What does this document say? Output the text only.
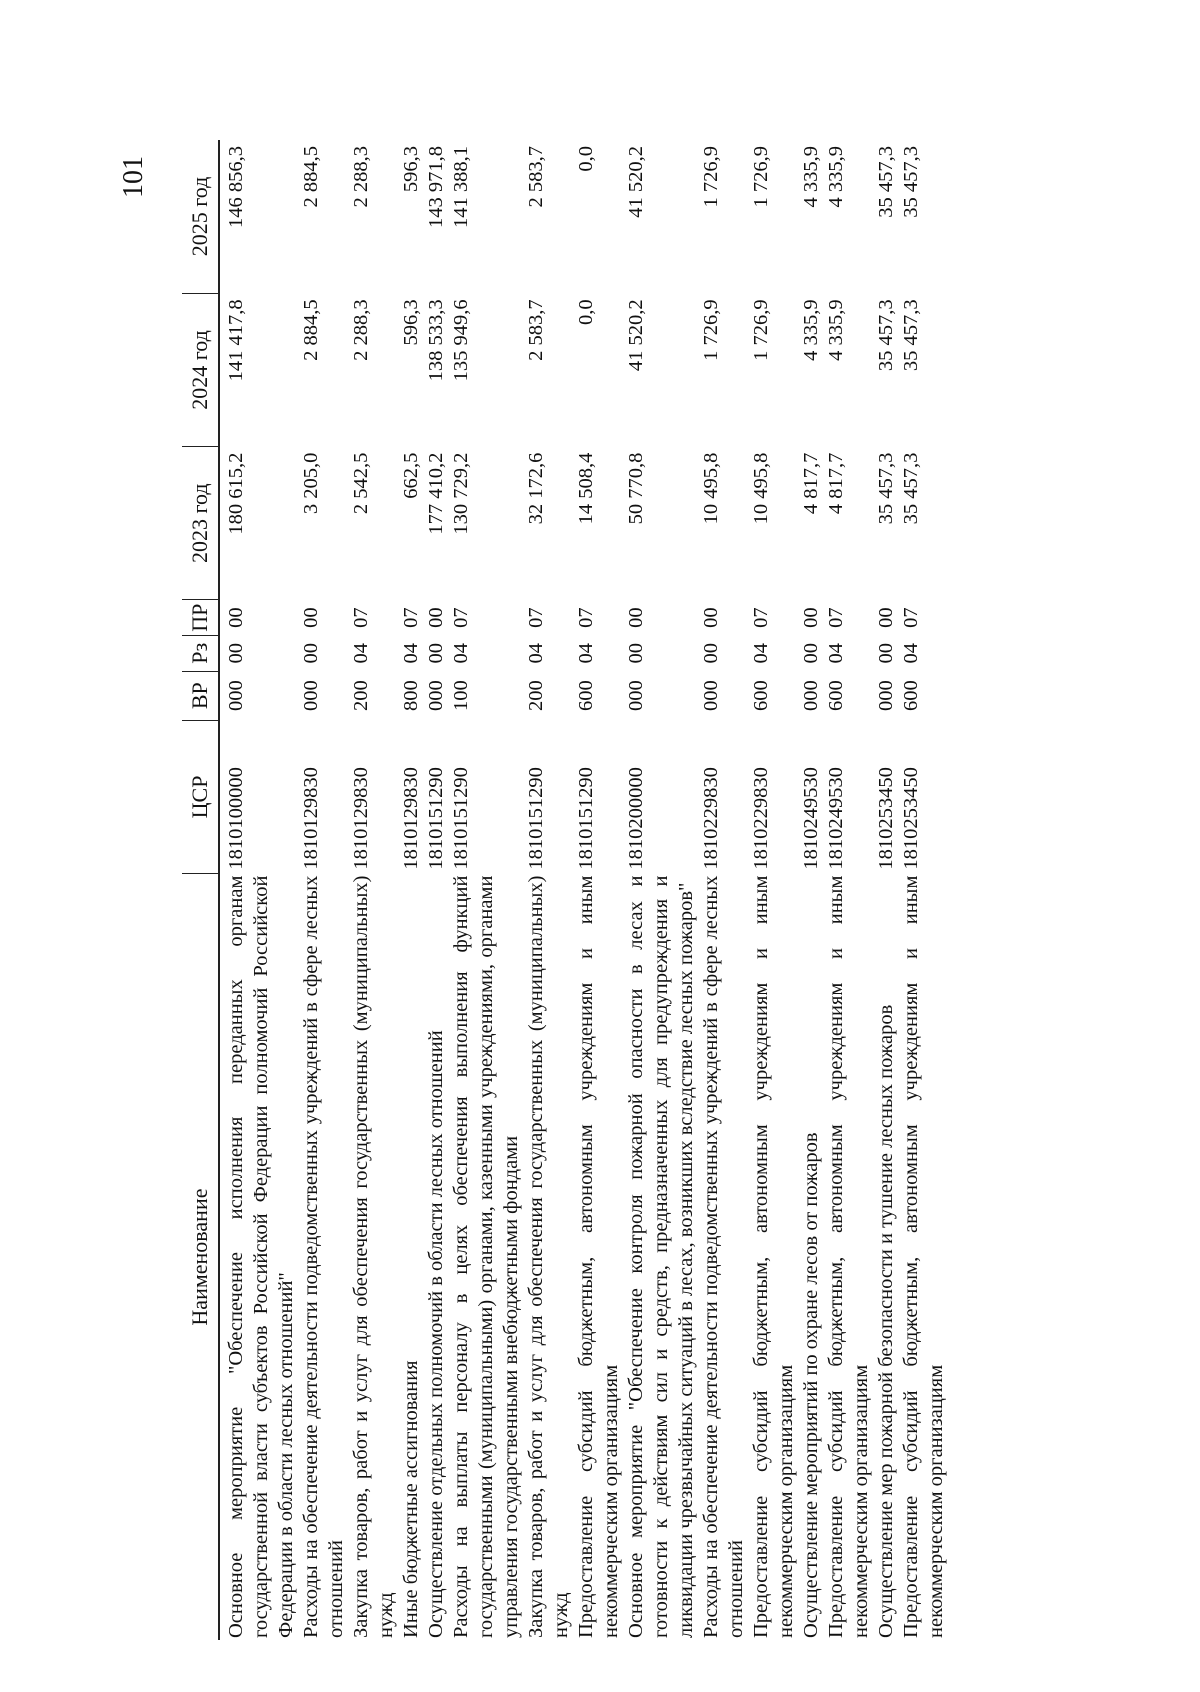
101
Наименование	ЦСР	ВР	Рз	ПР	2023 год	2024 год	2025 год
Основное мероприятие "Обеспечение исполнения переданных органам государственной власти субъектов Российской Федерации полномочий Российской Федерации в области лесных отношений"	1810100000	000	00	00	180 615,2	141 417,8	146 856,3
Расходы на обеспечение деятельности подведомственных учреждений в сфере лесных отношений	1810129830	000	00	00	3 205,0	2 884,5	2 884,5
Закупка товаров, работ и услуг для обеспечения государственных (муниципальных) нужд	1810129830	200	04	07	2 542,5	2 288,3	2 288,3
Иные бюджетные ассигнования	1810129830	800	04	07	662,5	596,3	596,3
Осуществление отдельных полномочий в области лесных отношений	1810151290	000	00	00	177 410,2	138 533,3	143 971,8
Расходы на выплаты персоналу в целях обеспечения выполнения функций государственными (муниципальными) органами, казенными учреждениями, органами управления государственными внебюджетными фондами	1810151290	100	04	07	130 729,2	135 949,6	141 388,1
Закупка товаров, работ и услуг для обеспечения государственных (муниципальных) нужд	1810151290	200	04	07	32 172,6	2 583,7	2 583,7
Предоставление субсидий бюджетным, автономным учреждениям и иным некоммерческим организациям	1810151290	600	04	07	14 508,4	0,0	0,0
Основное мероприятие "Обеспечение контроля пожарной опасности в лесах и готовности к действиям сил и средств, предназначенных для предупреждения и ликвидации чрезвычайных ситуаций в лесах, возникших вследствие лесных пожаров"	1810200000	000	00	00	50 770,8	41 520,2	41 520,2
Расходы на обеспечение деятельности подведомственных учреждений в сфере лесных отношений	1810229830	000	00	00	10 495,8	1 726,9	1 726,9
Предоставление субсидий бюджетным, автономным учреждениям и иным некоммерческим организациям	1810229830	600	04	07	10 495,8	1 726,9	1 726,9
Осуществление мероприятий по охране лесов от пожаров	1810249530	000	00	00	4 817,7	4 335,9	4 335,9
Предоставление субсидий бюджетным, автономным учреждениям и иным некоммерческим организациям	1810249530	600	04	07	4 817,7	4 335,9	4 335,9
Осуществление мер пожарной безопасности и тушение лесных пожаров	1810253450	000	00	00	35 457,3	35 457,3	35 457,3
Предоставление субсидий бюджетным, автономным учреждениям и иным некоммерческим организациям	1810253450	600	04	07	35 457,3	35 457,3	35 457,3
